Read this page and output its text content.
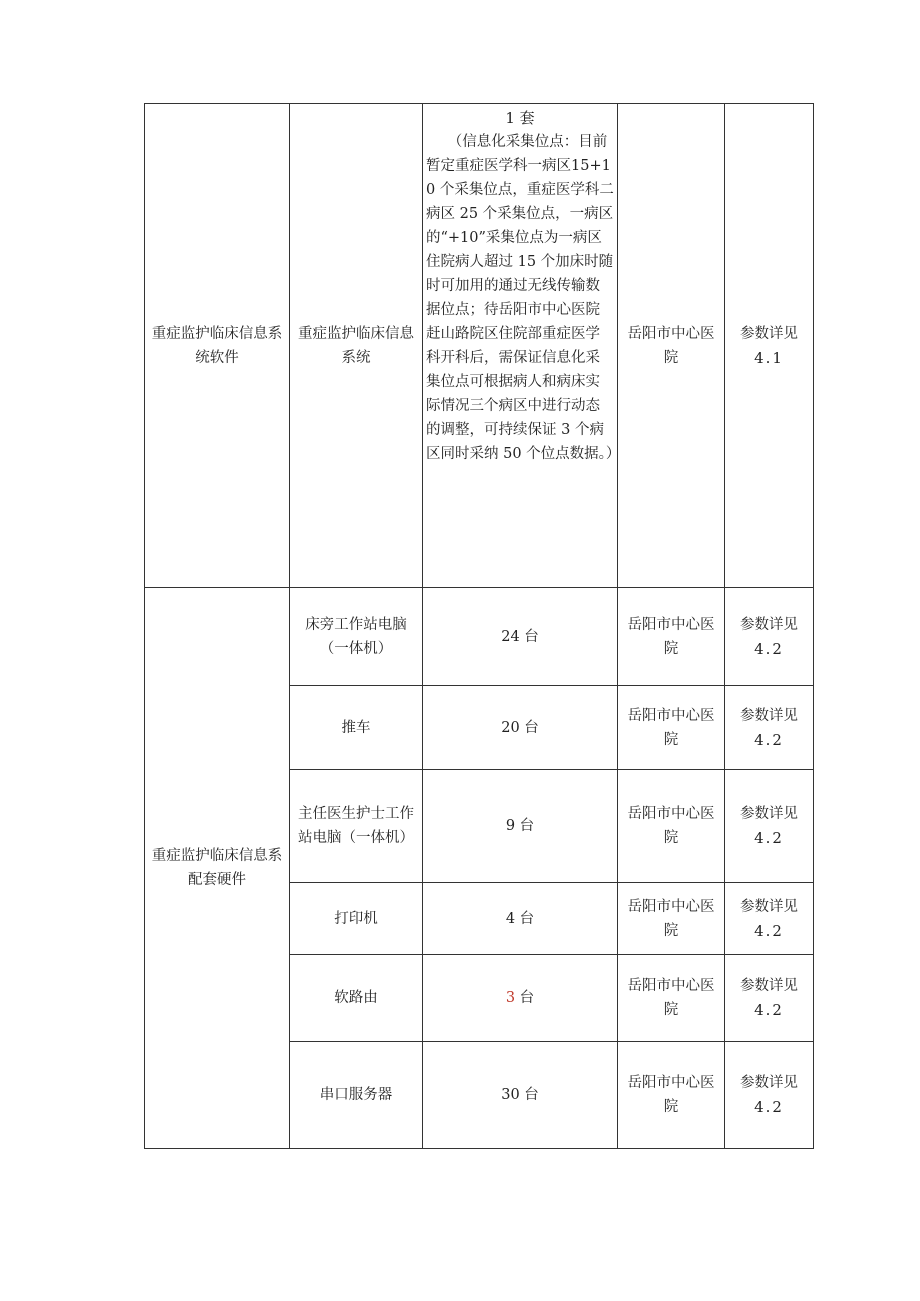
重症监护临床信息系统软件	重症监护临床信息系统	1 套
（信息化采集位点：目前暂定重症医学科一病区15+10 个采集位点，重症医学科二病区 25 个采集位点，一病区的“+10”采集位点为一病区住院病人超过 15 个加床时随时可加用的通过无线传输数据位点；待岳阳市中心医院赶山路院区住院部重症医学科开科后，需保证信息化采集位点可根据病人和病床实际情况三个病区中进行动态的调整，可持续保证 3 个病区同时采纳 50 个位点数据。）	岳阳市中心医院	参数详见
4.1

重症监护临床信息系配套硬件	床旁工作站电脑（一体机）	24 台	岳阳市中心医院	参数详见
4.2

	推车	20 台	岳阳市中心医院	参数详见
4.2

	主任医生护士工作站电脑（一体机）	9 台	岳阳市中心医院	参数详见
4.2

	打印机	4 台	岳阳市中心医院	参数详见
4.2

	软路由	3 台	岳阳市中心医院	参数详见
4.2

	串口服务器	30 台	岳阳市中心医院	参数详见
4.2
